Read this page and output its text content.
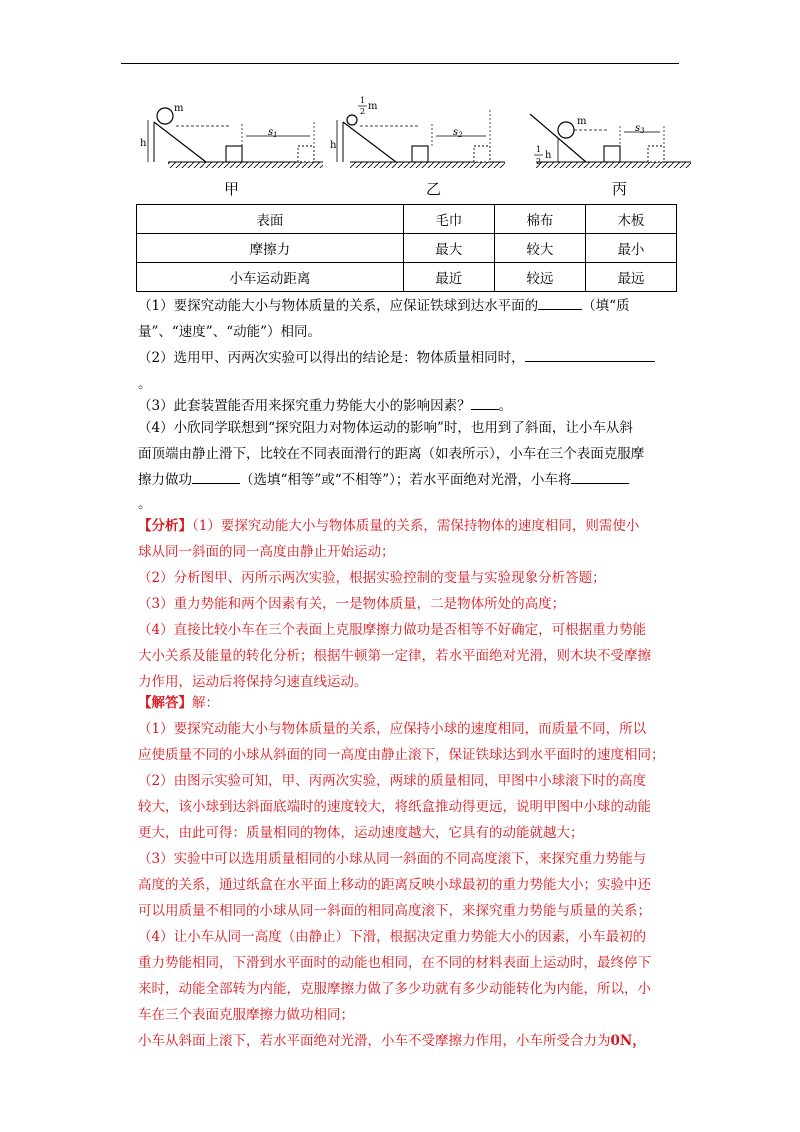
m
h
$s_1$
1
2 m
h
$s_2$
m
1
2
h
$s_3$
甲	乙	丙
表面	毛巾	棉布	木板
摩擦力	最大	较大	最小
小车运动距离	最近	较远	最远
（1）要探究动能大小与物体质量的关系，应保证铁球到达水平面的	（填“质
量”、“速度”、“动能”）相同。
（2）选用甲、丙两次实验可以得出的结论是：物体质量相同时，
。
（3）此套装置能否用来探究重力势能大小的影响因素？ 。
（4）小欣同学联想到“探究阻力对物体运动的影响”时，也用到了斜面，让小车从斜
面顶端由静止滑下，比较在不同表面滑行的距离（如表所示），小车在三个表面克服摩
擦力做功	（选填“相等”或“不相等”）；若水平面绝对光滑，小车将
。
【分析】（1）要探究动能大小与物体质量的关系，需保持物体的速度相同，则需使小
球从同一斜面的同一高度由静止开始运动；
（2）分析图甲、丙所示两次实验，根据实验控制的变量与实验现象分析答题；
（3）重力势能和两个因素有关，一是物体质量，二是物体所处的高度；
（4）直接比较小车在三个表面上克服摩擦力做功是否相等不好确定，可根据重力势能
大小关系及能量的转化分析；根据牛顿第一定律，若水平面绝对光滑，则木块不受摩擦
力作用，运动后将保持匀速直线运动。
【解答】解：
（1）要探究动能大小与物体质量的关系，应保持小球的速度相同，而质量不同，所以
应使质量不同的小球从斜面的同一高度由静止滚下，保证铁球达到水平面时的速度相同；
（2）由图示实验可知，甲、丙两次实验，两球的质量相同，甲图中小球滚下时的高度
较大，该小球到达斜面底端时的速度较大，将纸盒推动得更远，说明甲图中小球的动能
更大，由此可得：质量相同的物体，运动速度越大，它具有的动能就越大；
（3）实验中可以选用质量相同的小球从同一斜面的不同高度滚下，来探究重力势能与
高度的关系，通过纸盒在水平面上移动的距离反映小球最初的重力势能大小；实验中还
可以用质量不相同的小球从同一斜面的相同高度滚下，来探究重力势能与质量的关系；
（4）让小车从同一高度（由静止）下滑，根据决定重力势能大小的因素，小车最初的
重力势能相同，下滑到水平面时的动能也相同，在不同的材料表面上运动时，最终停下
来时，动能全部转为内能，克服摩擦力做了多少功就有多少动能转化为内能，所以，小
车在三个表面克服摩擦力做功相同；
小车从斜面上滚下，若水平面绝对光滑，小车不受摩擦力作用，小车所受合力为0N，
